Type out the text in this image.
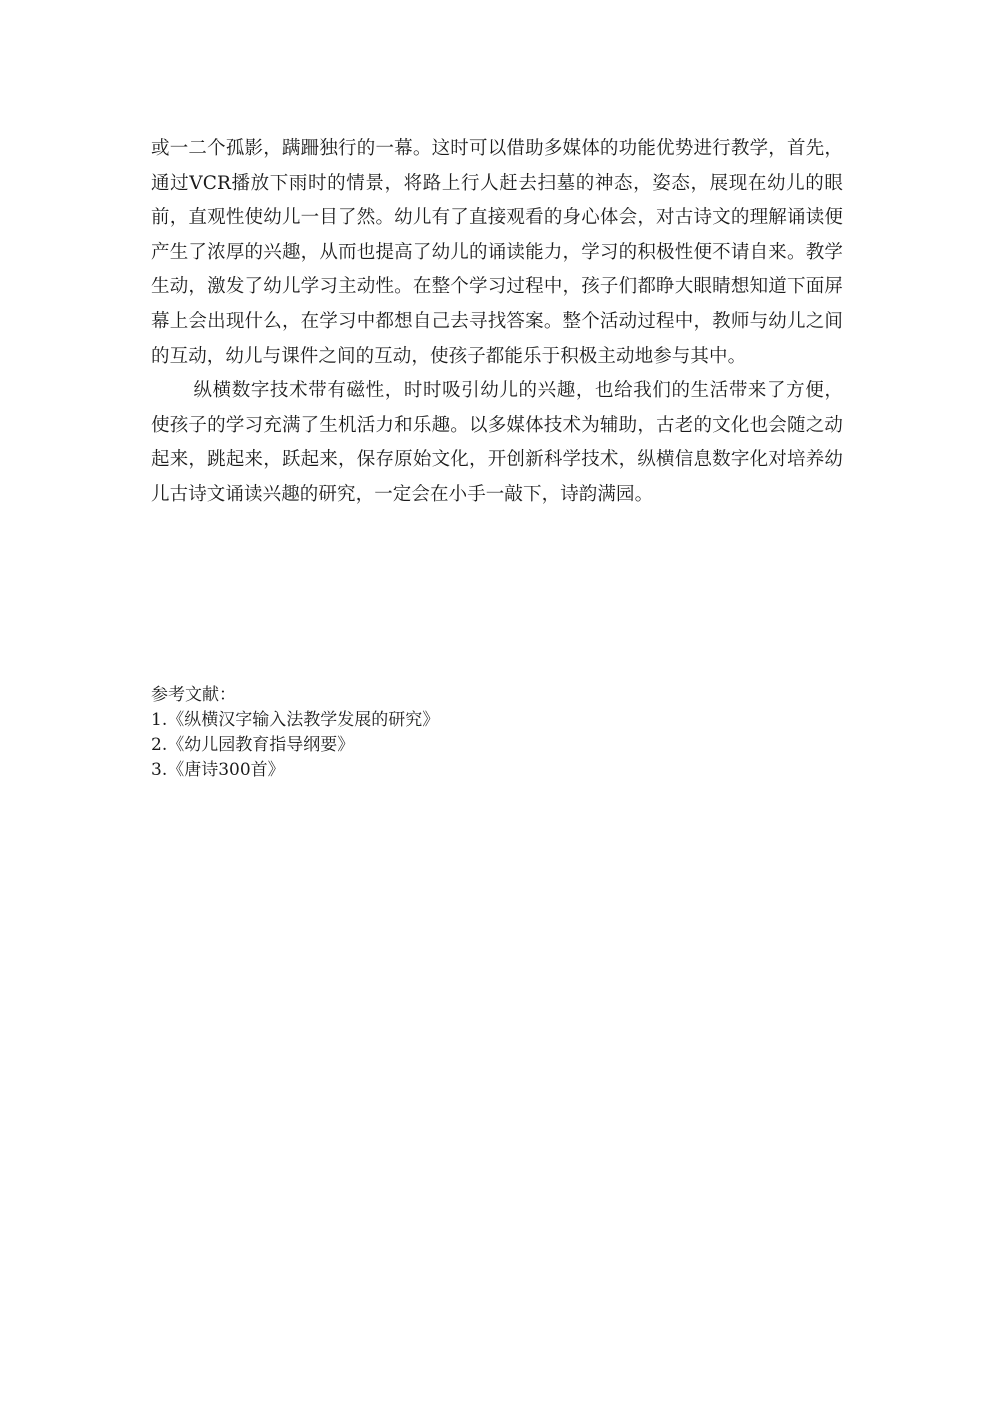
或一二个孤影，蹒跚独行的一幕。这时可以借助多媒体的功能优势进行教学，首先，通过VCR播放下雨时的情景，将路上行人赶去扫墓的神态，姿态，展现在幼儿的眼前，直观性使幼儿一目了然。幼儿有了直接观看的身心体会，对古诗文的理解诵读便产生了浓厚的兴趣，从而也提高了幼儿的诵读能力，学习的积极性便不请自来。教学生动，激发了幼儿学习主动性。在整个学习过程中，孩子们都睁大眼睛想知道下面屏幕上会出现什么，在学习中都想自己去寻找答案。整个活动过程中，教师与幼儿之间的互动，幼儿与课件之间的互动，使孩子都能乐于积极主动地参与其中。

纵横数字技术带有磁性，时时吸引幼儿的兴趣，也给我们的生活带来了方便，使孩子的学习充满了生机活力和乐趣。以多媒体技术为辅助，古老的文化也会随之动起来，跳起来，跃起来，保存原始文化，开创新科学技术，纵横信息数字化对培养幼儿古诗文诵读兴趣的研究，一定会在小手一敲下，诗韵满园。

参考文献：

1.《纵横汉字输入法教学发展的研究》
2.《幼儿园教育指导纲要》
3.《唐诗300首》
